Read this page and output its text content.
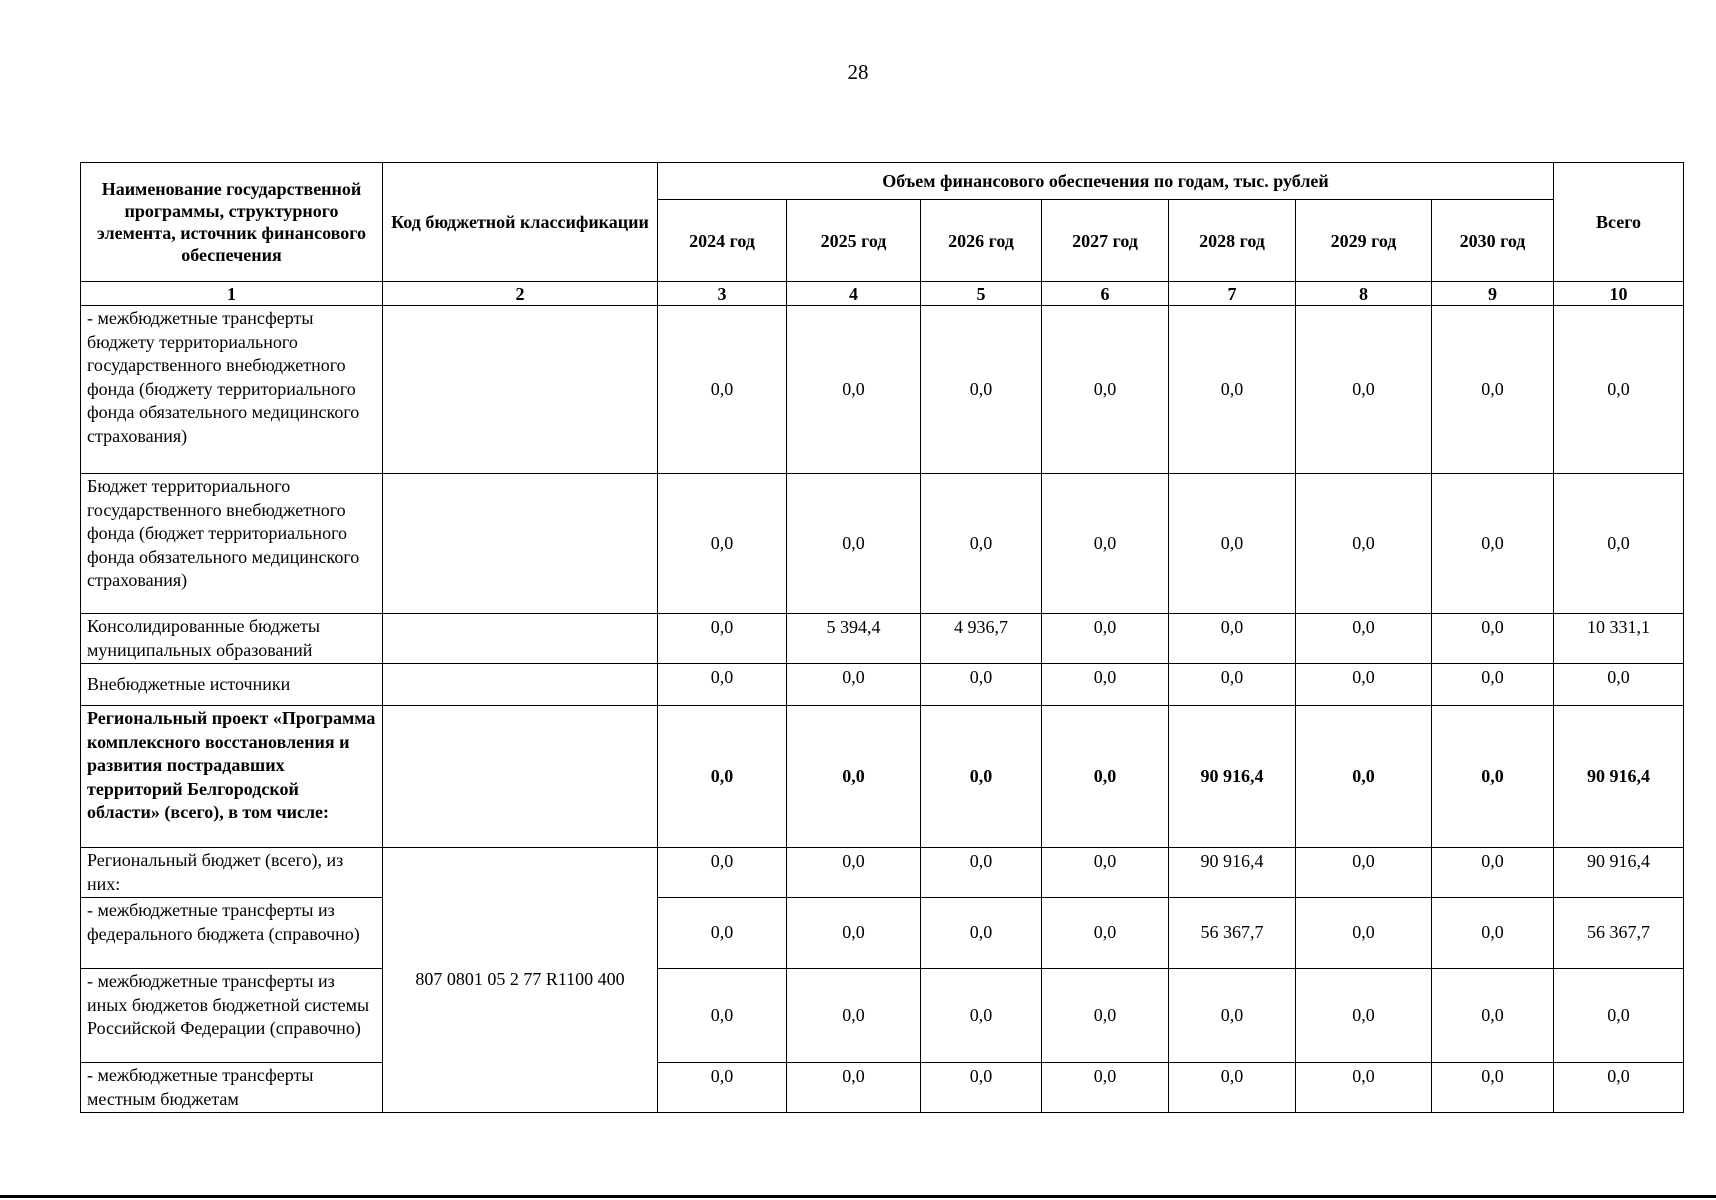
28
Наименование государственной программы, структурного элемента, источник финансового обеспечения	Код бюджетной классификации	Объем финансового обеспечения по годам, тыс. рублей							Всего
		2024 год	2025 год	2026 год	2027 год	2028 год	2029 год	2030 год	
1	2	3	4	5	6	7	8	9	10
- межбюджетные трансферты бюджету территориального государственного внебюджетного фонда (бюджету территориального фонда обязательного медицинского страхования)		0,0	0,0	0,0	0,0	0,0	0,0	0,0	0,0
Бюджет территориального государственного внебюджетного фонда (бюджет территориального фонда обязательного медицинского страхования)		0,0	0,0	0,0	0,0	0,0	0,0	0,0	0,0
Консолидированные бюджеты муниципальных образований		0,0	5 394,4	4 936,7	0,0	0,0	0,0	0,0	10 331,1
Внебюджетные источники		0,0	0,0	0,0	0,0	0,0	0,0	0,0	0,0
Региональный проект «Программа комплексного восстановления и развития пострадавших территорий Белгородской области» (всего), в том числе:		0,0	0,0	0,0	0,0	90 916,4	0,0	0,0	90 916,4
Региональный бюджет (всего), из них:	807 0801 05 2 77 R1100 400	0,0	0,0	0,0	0,0	90 916,4	0,0	0,0	90 916,4
- межбюджетные трансферты из федерального бюджета (справочно)		0,0	0,0	0,0	0,0	56 367,7	0,0	0,0	56 367,7
- межбюджетные трансферты из иных бюджетов бюджетной системы Российской Федерации (справочно)		0,0	0,0	0,0	0,0	0,0	0,0	0,0	0,0
- межбюджетные трансферты местным бюджетам		0,0	0,0	0,0	0,0	0,0	0,0	0,0	0,0
